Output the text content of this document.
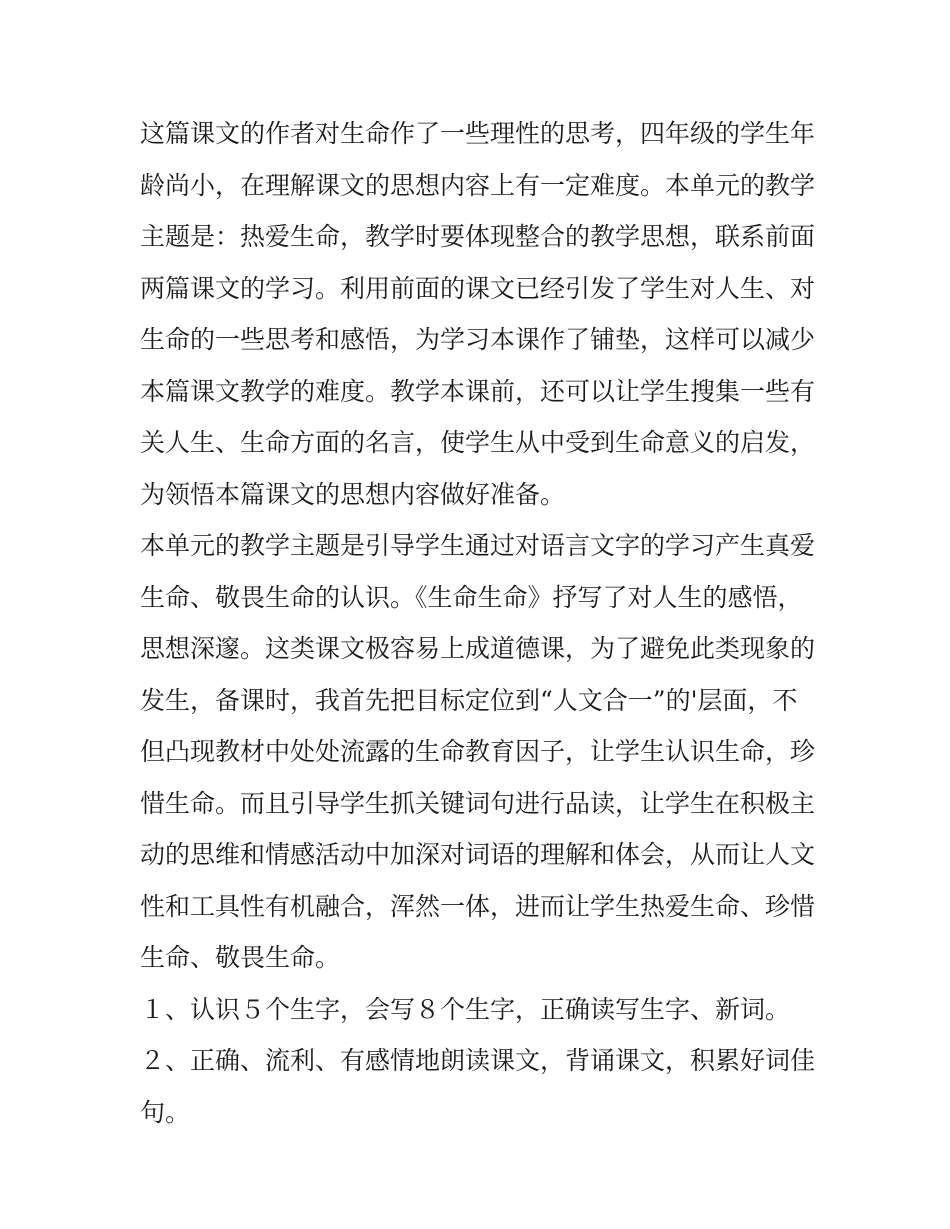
这篇课文的作者对生命作了一些理性的思考，四年级的学生年
龄尚小，在理解课文的思想内容上有一定难度。本单元的教学
主题是：热爱生命，教学时要体现整合的教学思想，联系前面
两篇课文的学习。利用前面的课文已经引发了学生对人生、对
生命的一些思考和感悟，为学习本课作了铺垫，这样可以减少
本篇课文教学的难度。教学本课前，还可以让学生搜集一些有
关人生、生命方面的名言，使学生从中受到生命意义的启发，
为领悟本篇课文的思想内容做好准备。
本单元的教学主题是引导学生通过对语言文字的学习产生真爱
生命、敬畏生命的认识。《生命生命》抒写了对人生的感悟，
思想深邃。这类课文极容易上成道德课，为了避免此类现象的
发生，备课时，我首先把目标定位到“人文合一”的'层面，不
但凸现教材中处处流露的生命教育因子，让学生认识生命，珍
惜生命。而且引导学生抓关键词句进行品读，让学生在积极主
动的思维和情感活动中加深对词语的理解和体会，从而让人文
性和工具性有机融合，浑然一体，进而让学生热爱生命、珍惜
生命、敬畏生命。
１、认识５个生字，会写８个生字，正确读写生字、新词。
２、正确、流利、有感情地朗读课文，背诵课文，积累好词佳
句。
